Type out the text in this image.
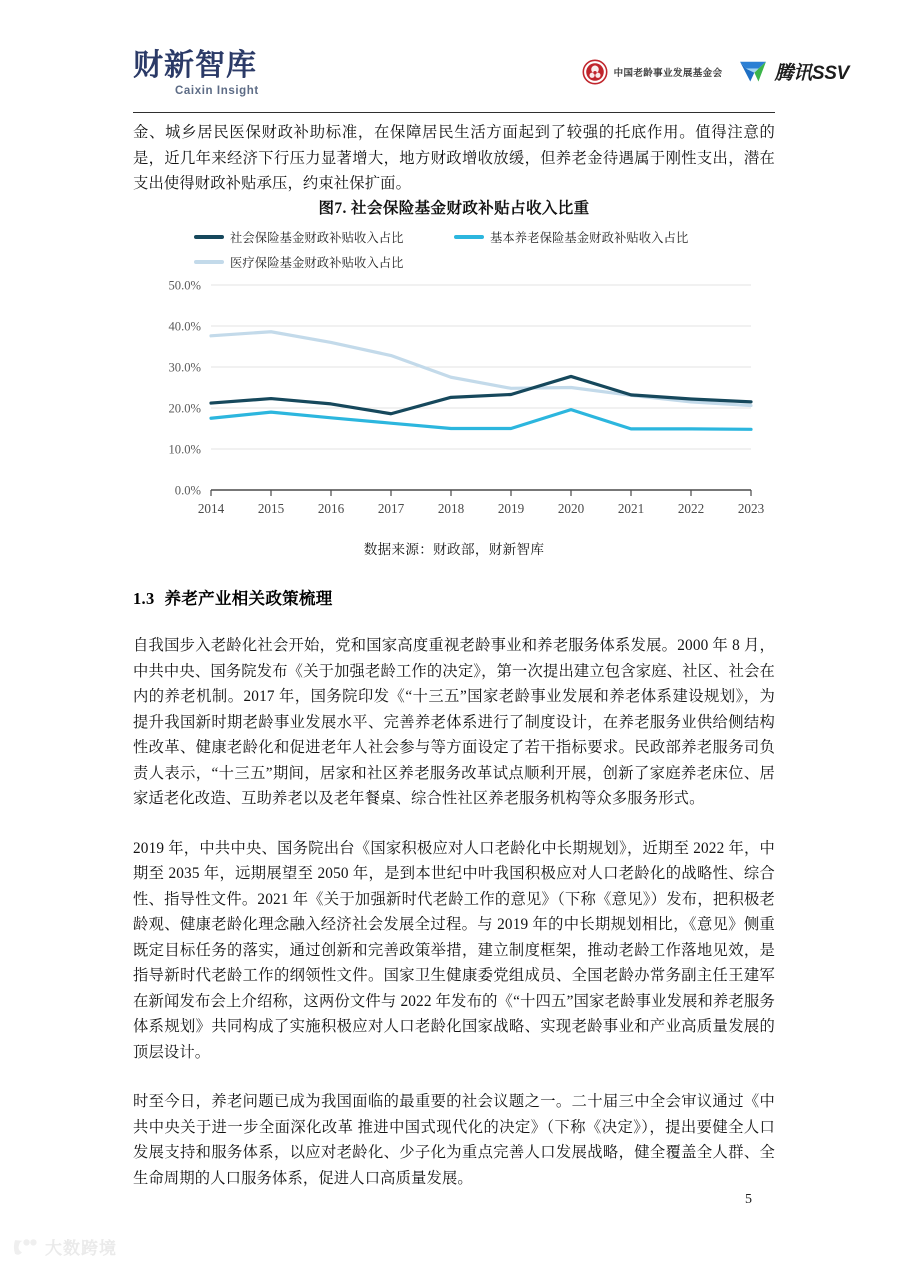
财新智库
Caixin Insight
中国老龄事业发展基金会	腾讯SSV

金、城乡居民医保财政补助标准，在保障居民生活方面起到了较强的托底作用。值得注意的是，近几年来经济下行压力显著增大，地方财政增收放缓，但养老金待遇属于刚性支出，潜在支出使得财政补贴承压，约束社保扩面。

图7. 社会保险基金财政补贴占收入比重
社会保险基金财政补贴收入占比	基本养老保险基金财政补贴收入占比
医疗保险基金财政补贴收入占比
0.0%
10.0%
20.0%
30.0%
40.0%
50.0%
2014	2015	2016	2017	2018	2019	2020	2021	2022	2023
数据来源：财政部，财新智库
1.3 养老产业相关政策梳理

自我国步入老龄化社会开始，党和国家高度重视老龄事业和养老服务体系发展。2000 年 8 月，中共中央、国务院发布《关于加强老龄工作的决定》，第一次提出建立包含家庭、社区、社会在内的养老机制。2017 年，国务院印发《“十三五”国家老龄事业发展和养老体系建设规划》，为提升我国新时期老龄事业发展水平、完善养老体系进行了制度设计，在养老服务业供给侧结构性改革、健康老龄化和促进老年人社会参与等方面设定了若干指标要求。民政部养老服务司负责人表示，“十三五”期间，居家和社区养老服务改革试点顺利开展，创新了家庭养老床位、居家适老化改造、互助养老以及老年餐桌、综合性社区养老服务机构等众多服务形式。

2019 年，中共中央、国务院出台《国家积极应对人口老龄化中长期规划》，近期至 2022 年，中期至 2035 年，远期展望至 2050 年，是到本世纪中叶我国积极应对人口老龄化的战略性、综合性、指导性文件。2021 年《关于加强新时代老龄工作的意见》（下称《意见》）发布，把积极老龄观、健康老龄化理念融入经济社会发展全过程。与 2019 年的中长期规划相比，《意见》侧重既定目标任务的落实，通过创新和完善政策举措，建立制度框架，推动老龄工作落地见效，是指导新时代老龄工作的纲领性文件。国家卫生健康委党组成员、全国老龄办常务副主任王建军在新闻发布会上介绍称，这两份文件与 2022 年发布的《“十四五”国家老龄事业发展和养老服务体系规划》共同构成了实施积极应对人口老龄化国家战略、实现老龄事业和产业高质量发展的顶层设计。

时至今日，养老问题已成为我国面临的最重要的社会议题之一。二十届三中全会审议通过《中共中央关于进一步全面深化改革 推进中国式现代化的决定》（下称《决定》），提出要健全人口发展支持和服务体系，以应对老龄化、少子化为重点完善人口发展战略，健全覆盖全人群、全生命周期的人口服务体系，促进人口高质量发展。

5
大数跨境
